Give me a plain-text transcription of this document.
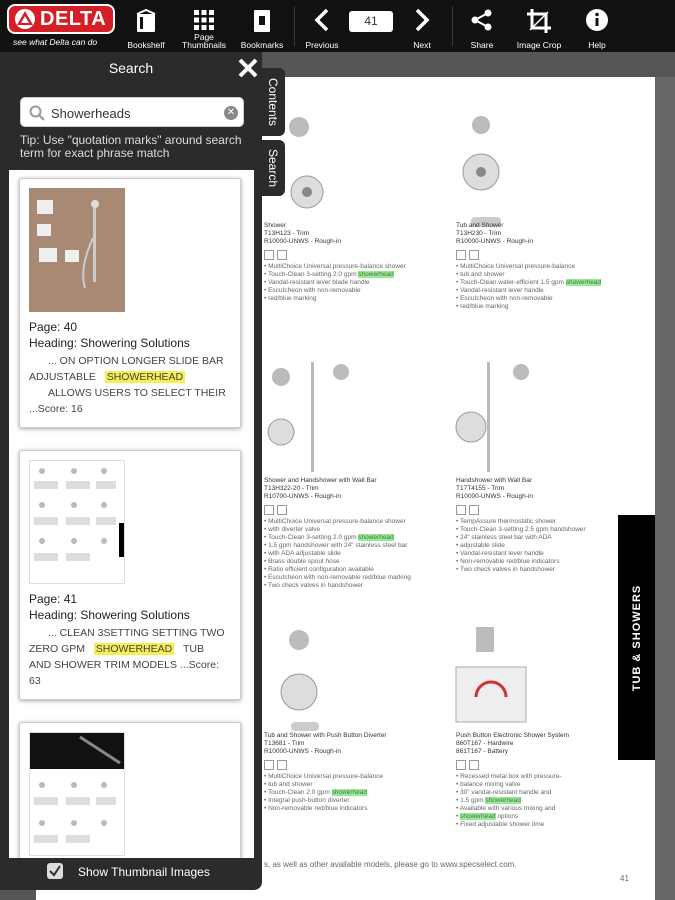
DELTA
see what Delta can do	Bookshelf
Page
Thumbnails Bookmarks	Previous
41
Next	Share	Image Crop	Help
Shower
T13H123 - Trim
R10000-UNWS - Rough-in
• MultiChoice Universal pressure-balance shower
• Touch-Clean 3-setting 2.0 gpm showerhead
• Vandal-resistant lever blade handle
• Escutcheon with non-removable
• red/blue marking
Tub and Shower
T13H230 - Trim
R10000-UNWS - Rough-in
• MultiChoice Universal pressure-balance
• tub and shower
• Touch-Clean water-efficient 1.5 gpm showerhead
• Vandal-resistant lever handle
• Escutcheon with non-removable
• red/blue marking
Shower and Handshower with Wall Bar
T13H322-20 - Trim
R10700-UNWS - Rough-in
• MultiChoice Universal pressure-balance shower
• with diverter valve
• Touch-Clean 3-setting 2.0 gpm showerhead
• 1.5 gpm handshower with 24" stainless steel bar
• with ADA adjustable slide
• Brass double spout hose
• Ratio efficient configuration available
• Escutcheon with non-removable red/blue marking
• Two check valves in handshower
Handshower with Wall Bar
T17T4155 - Trim
R10000-UNWS - Rough-in
• TempAssure thermostatic shower
• Touch-Clean 3-setting 2.5 gpm handshower
• 24" stainless steel bar with ADA
• adjustable slide
• Vandal-resistant lever handle
• Non-removable red/blue indicators
• Two check valves in handshower
Tub and Shower with Push Button Diverter
T13681 - Trim
R10000-UNWS - Rough-in
• MultiChoice Universal pressure-balance
• tub and shower
• Touch-Clean 2.0 gpm showerhead
• Integral push-button diverter
• Non-removable red/blue indicators
Push Button Electronic Shower System
860T167 - Hardwire
861T167 - Battery
• Recessed metal box with pressure-
• balance mixing valve
• 30" vandal-resistant handle and
• 1.5 gpm showerhead
• Available with various mixing and
• showerhead options
• Fixed adjustable shower time
TUB & SHOWERS
s, as well as other available models, please go to www.specselect.com.
41
Search
Showerheads
✕
Tip: Use "quotation marks" around search term for exact phrase match
Page: 40
Heading: Showering Solutions
... ON OPTION LONGER SLIDE BAR
ADJUSTABLE SHOWERHEAD
ALLOWS USERS TO SELECT THEIR
...Score: 16
Page: 41
Heading: Showering Solutions
... CLEAN 3SETTING SETTING TWO
ZERO GPM SHOWERHEAD TUB
AND SHOWER TRIM MODELS ...Score:
63
Show Thumbnail Images
Contents
Search
